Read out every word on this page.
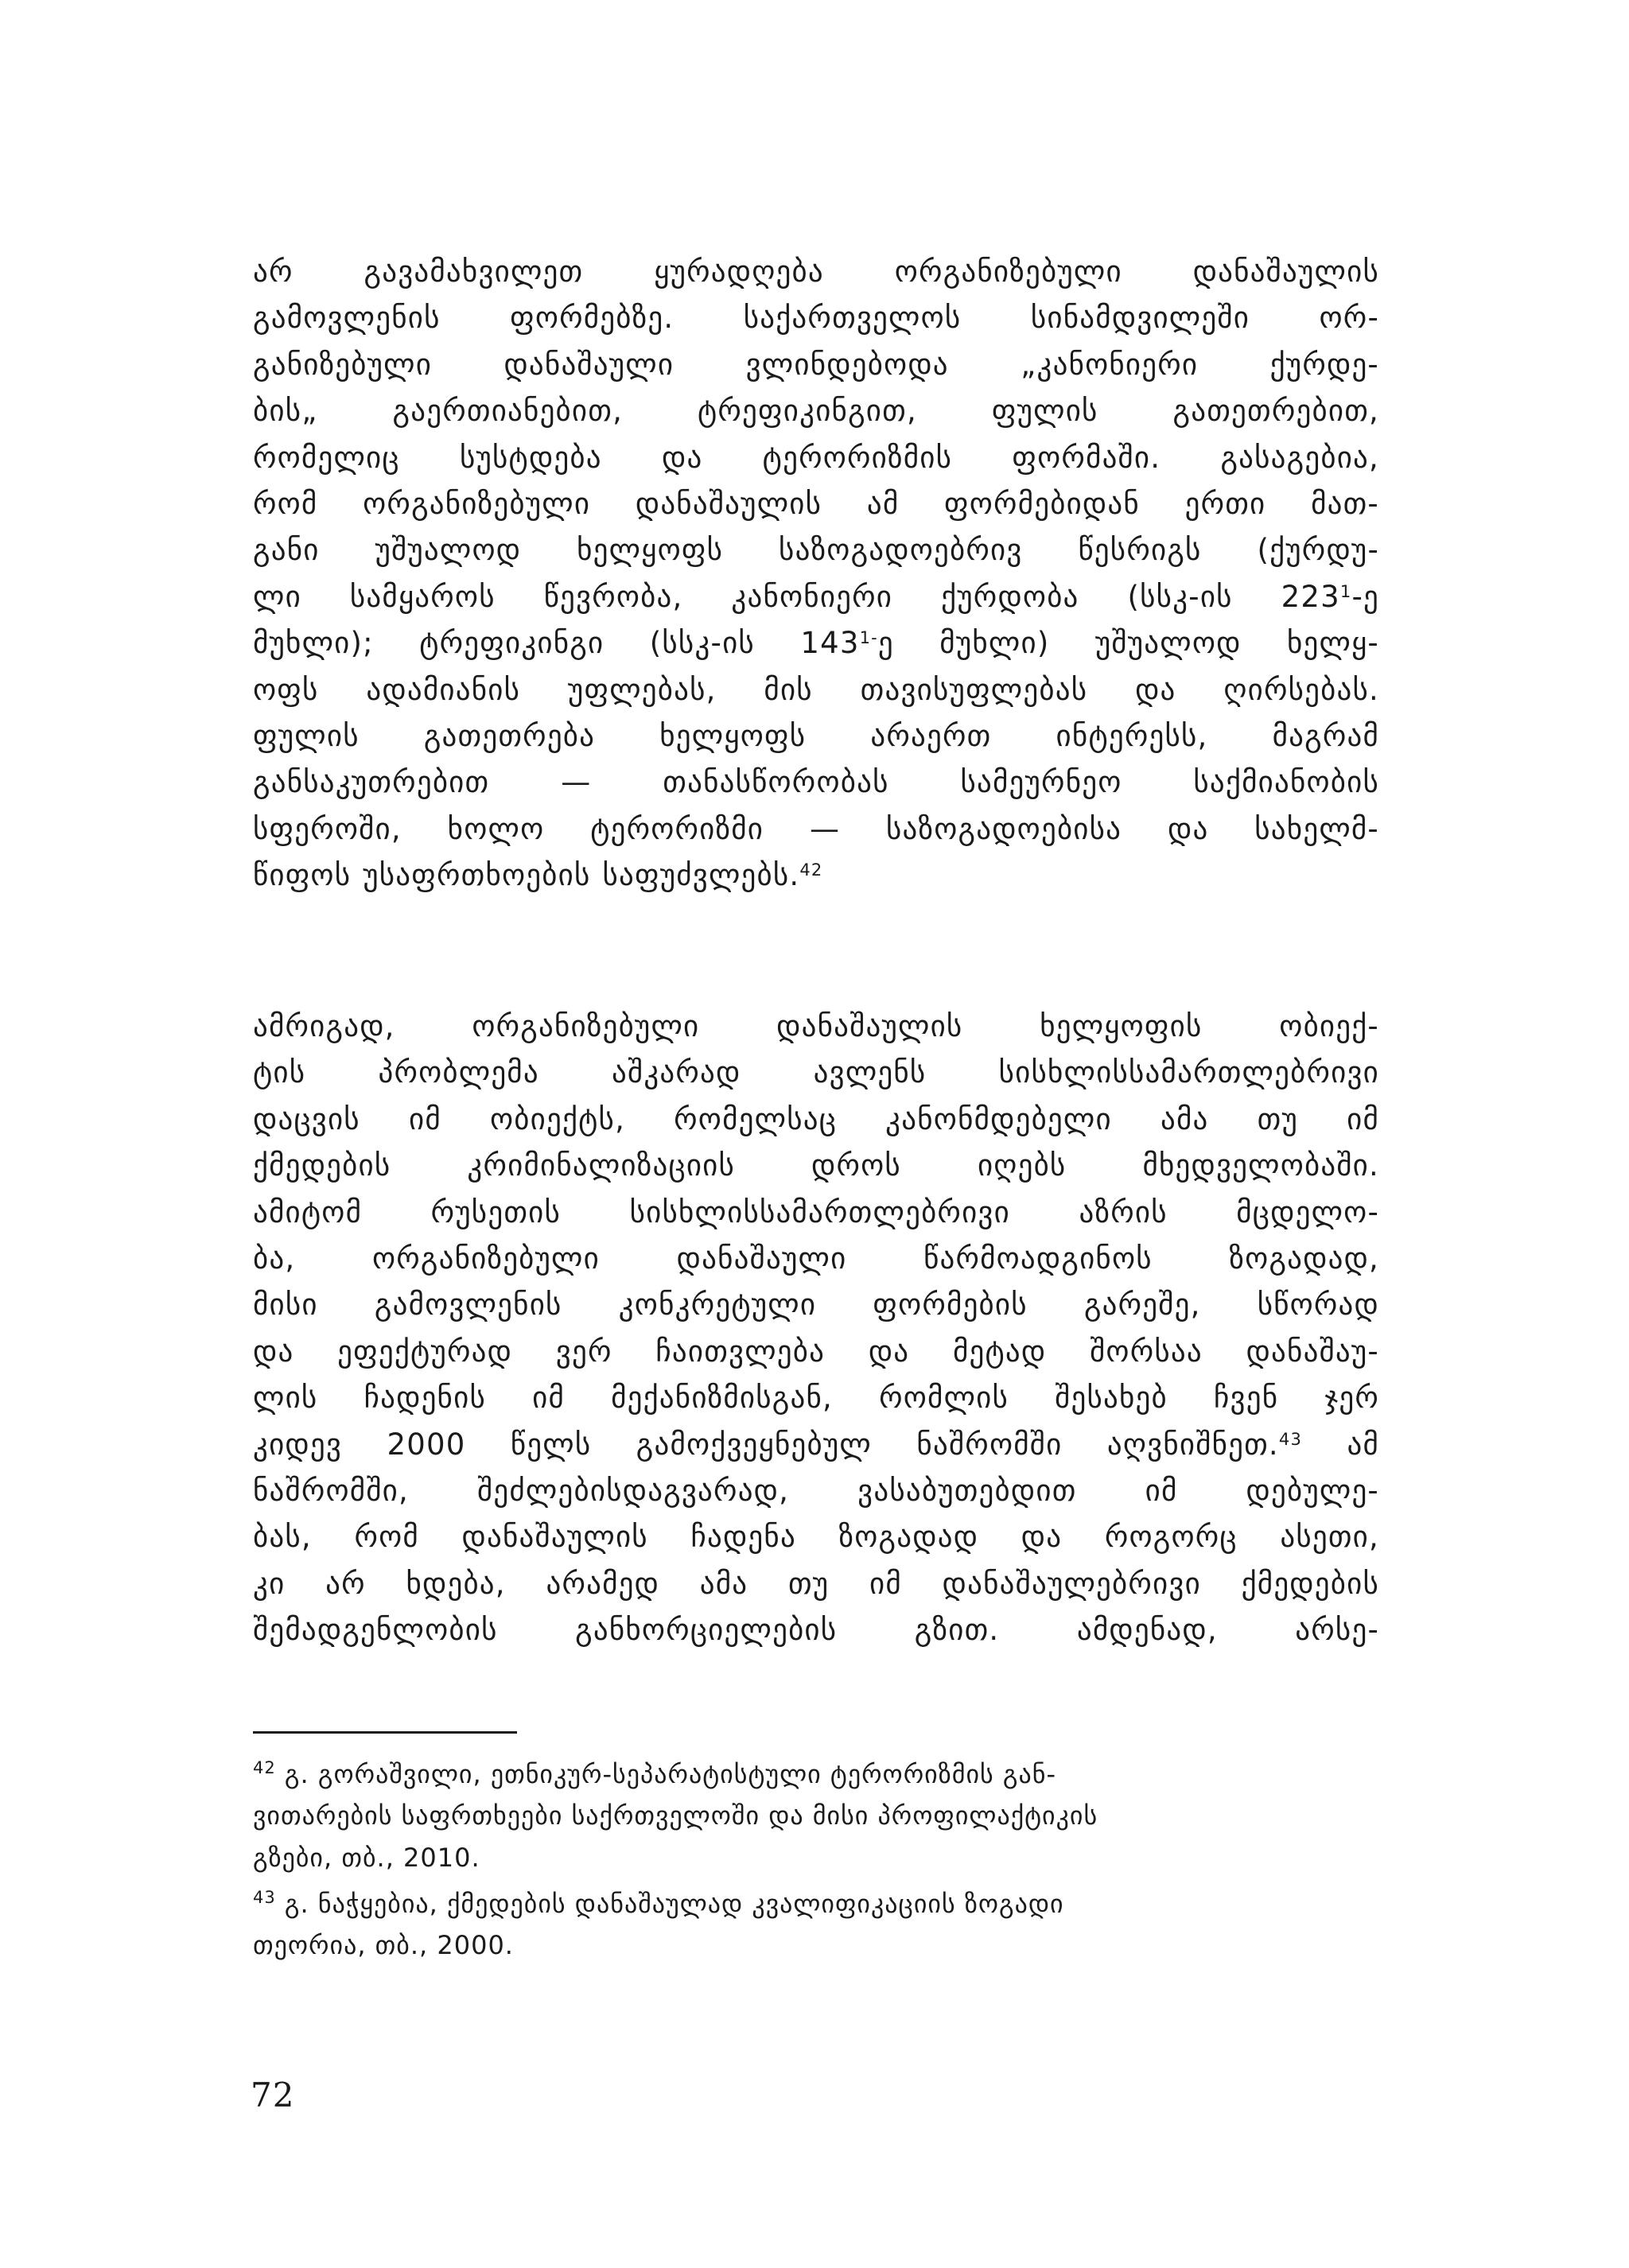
არ გავამახვილეთ ყურადღება ორგანიზებული დანაშაულის
გამოვლენის ფორმებზე. საქართველოს სინამდვილეში ორ-
განიზებული დანაშაული ვლინდებოდა „კანონიერი ქურდე-
ბის„ გაერთიანებით, ტრეფიკინგით, ფულის გათეთრებით,
რომელიც სუსტდება და ტერორიზმის ფორმაში. გასაგებია,
რომ ორგანიზებული დანაშაულის ამ ფორმებიდან ერთი მათ-
განი უშუალოდ ხელყოფს საზოგადოებრივ წესრიგს (ქურდუ-
ლი სამყაროს წევრობა, კანონიერი ქურდობა (სსკ-ის $223^1-ე$
მუხლი); ტრეფიკინგი (სსკ-ის $143^{1-}ე$ მუხლი) უშუალოდ ხელყ-
ოფს ადამიანის უფლებას, მის თავისუფლებას და ღირსებას.
ფულის გათეთრება ხელყოფს არაერთ ინტერესს, მაგრამ
განსაკუთრებით — თანასწორობას სამეურნეო საქმიანობის
სფეროში, ხოლო ტერორიზმი — საზოგადოებისა და სახელმ-
წიფოს უსაფრთხოების საფუძვლებს.$^{42}$
ამრიგად, ორგანიზებული დანაშაულის ხელყოფის ობიექ-
ტის პრობლემა აშკარად ავლენს სისხლისსამართლებრივი
დაცვის იმ ობიექტს, რომელსაც კანონმდებელი ამა თუ იმ
ქმედების კრიმინალიზაციის დროს იღებს მხედველობაში.
ამიტომ რუსეთის სისხლისსამართლებრივი აზრის მცდელო-
ბა, ორგანიზებული დანაშაული წარმოადგინოს ზოგადად,
მისი გამოვლენის კონკრეტული ფორმების გარეშე, სწორად
და ეფექტურად ვერ ჩაითვლება და მეტად შორსაა დანაშაუ-
ლის ჩადენის იმ მექანიზმისგან, რომლის შესახებ ჩვენ ჯერ
კიდევ 2000 წელს გამოქვეყნებულ ნაშრომში აღვნიშნეთ.$^{43}$ ამ
ნაშრომში, შეძლებისდაგვარად, ვასაბუთებდით იმ დებულე-
ბას, რომ დანაშაულის ჩადენა ზოგადად და როგორც ასეთი,
კი არ ხდება, არამედ ამა თუ იმ დანაშაულებრივი ქმედების
შემადგენლობის განხორციელების გზით. ამდენად, არსე-
$^{42}$ გ. გორაშვილი, ეთნიკურ-სეპარატისტული ტერორიზმის გან-
ვითარების საფრთხეები საქრთველოში და მისი პროფილაქტიკის
გზები, თბ., 2010.
$^{43}$ გ. ნაჭყებია, ქმედების დანაშაულად კვალიფიკაციის ზოგადი
თეორია, თბ., 2000.
72
